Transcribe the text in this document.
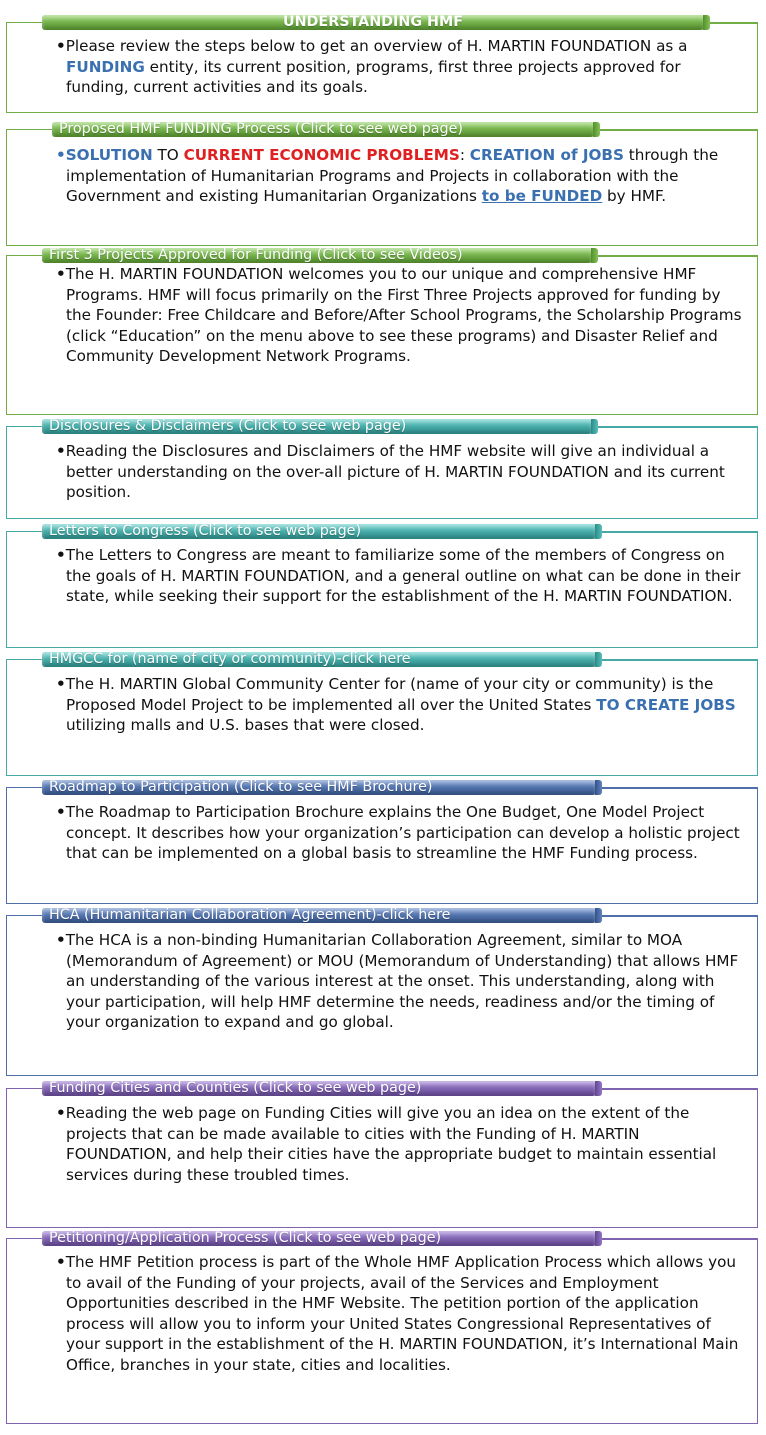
UNDERSTANDING HMF
•Please review the steps below to get an overview of H. MARTIN FOUNDATION as a FUNDING entity, its current position, programs, first three projects approved for funding, current activities and its goals.
Proposed HMF FUNDING Process (Click to see web page)
•SOLUTION TO CURRENT ECONOMIC PROBLEMS: CREATION of JOBS through the implementation of Humanitarian Programs and Projects in collaboration with the Government and existing Humanitarian Organizations to be FUNDED by HMF.
First 3 Projects Approved for Funding (Click to see Videos)
•The H. MARTIN FOUNDATION welcomes you to our unique and comprehensive HMF Programs. HMF will focus primarily on the First Three Projects approved for funding by the Founder: Free Childcare and Before/After School Programs, the Scholarship Programs (click “Education” on the menu above to see these programs) and Disaster Relief and Community Development Network Programs.
Disclosures & Disclaimers (Click to see web page)
•Reading the Disclosures and Disclaimers of the HMF website will give an individual a better understanding on the over-all picture of H. MARTIN FOUNDATION and its current position.
Letters to Congress (Click to see web page)
•The Letters to Congress are meant to familiarize some of the members of Congress on the goals of H. MARTIN FOUNDATION, and a general outline on what can be done in their state, while seeking their support for the establishment of the H. MARTIN FOUNDATION.
HMGCC for (name of city or community)-click here
•The H. MARTIN Global Community Center for (name of your city or community) is the Proposed Model Project to be implemented all over the United States TO CREATE JOBS utilizing malls and U.S. bases that were closed.
Roadmap to Participation (Click to see HMF Brochure)
•The Roadmap to Participation Brochure explains the One Budget, One Model Project concept. It describes how your organization’s participation can develop a holistic project that can be implemented on a global basis to streamline the HMF Funding process.
HCA (Humanitarian Collaboration Agreement)-click here
•The HCA is a non-binding Humanitarian Collaboration Agreement, similar to MOA (Memorandum of Agreement) or MOU (Memorandum of Understanding) that allows HMF an understanding of the various interest at the onset. This understanding, along with your participation, will help HMF determine the needs, readiness and/or the timing of your organization to expand and go global.
Funding Cities and Counties (Click to see web page)
•Reading the web page on Funding Cities will give you an idea on the extent of the projects that can be made available to cities with the Funding of H. MARTIN FOUNDATION, and help their cities have the appropriate budget to maintain essential services during these troubled times.
Petitioning/Application Process (Click to see web page)
•The HMF Petition process is part of the Whole HMF Application Process which allows you to avail of the Funding of your projects, avail of the Services and Employment Opportunities described in the HMF Website. The petition portion of the application process will allow you to inform your United States Congressional Representatives of your support in the establishment of the H. MARTIN FOUNDATION, it’s International Main Office, branches in your state, cities and localities.
